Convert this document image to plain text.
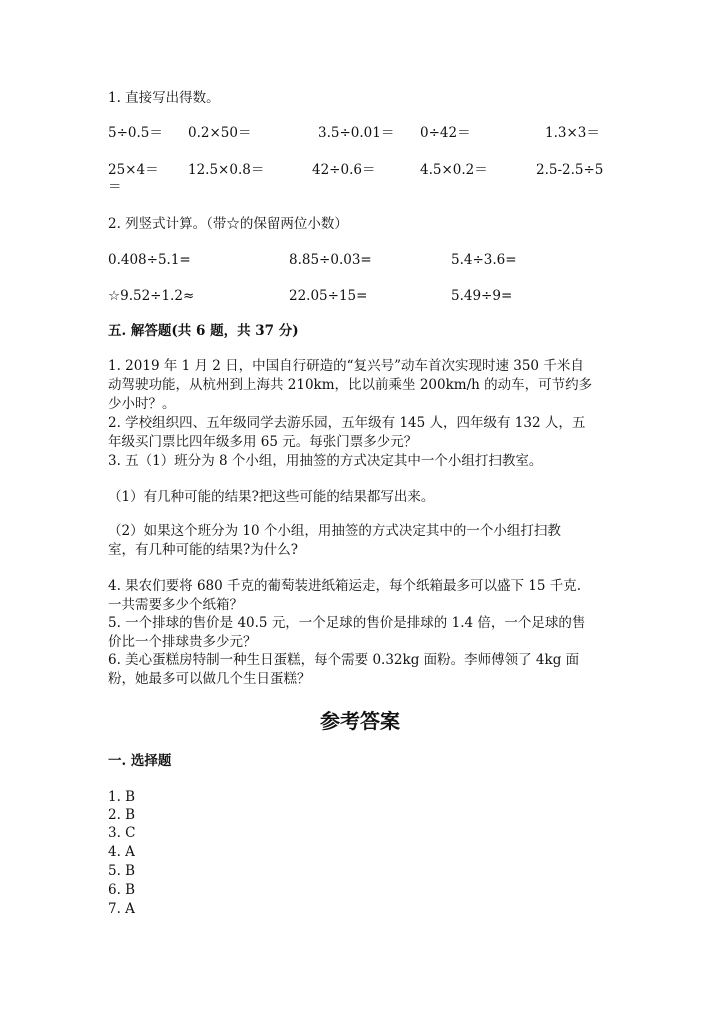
1. 直接写出得数。
5÷0.5＝ 0.2×50＝	3.5÷0.01＝ 0÷42＝	1.3×3＝
25×4＝ 12.5×0.8＝	42÷0.6＝	4.5×0.2＝	2.5-2.5÷5
＝
2. 列竖式计算。（带☆的保留两位小数）
0.408÷5.1=	8.85÷0.03=	5.4÷3.6=
☆9.52÷1.2≈	22.05÷15=	5.49÷9=
五. 解答题(共 6 题，共 37 分)
1. 2019 年 1 月 2 日，中国自行研造的“复兴号”动车首次实现时速 350 千米自
动驾驶功能，从杭州到上海共 210km，比以前乘坐 200km/h 的动车，可节约多
少小时？。
2. 学校组织四、五年级同学去游乐园，五年级有 145 人，四年级有 132 人，五
年级买门票比四年级多用 65 元。每张门票多少元？
3. 五（1）班分为 8 个小组，用抽签的方式决定其中一个小组打扫教室。
（1）有几种可能的结果?把这些可能的结果都写出来。
（2）如果这个班分为 10 个小组，用抽签的方式决定其中的一个小组打扫教
室，有几种可能的结果?为什么?
4. 果农们要将 680 千克的葡萄装进纸箱运走，每个纸箱最多可以盛下 15 千克.
一共需要多少个纸箱？
5. 一个排球的售价是 40.5 元，一个足球的售价是排球的 1.4 倍，一个足球的售
价比一个排球贵多少元？
6. 美心蛋糕房特制一种生日蛋糕，每个需要 0.32kg 面粉。李师傅领了 4kg 面
粉，她最多可以做几个生日蛋糕？
参考答案
一. 选择题
1. B
2. B
3. C
4. A
5. B
6. B
7. A
